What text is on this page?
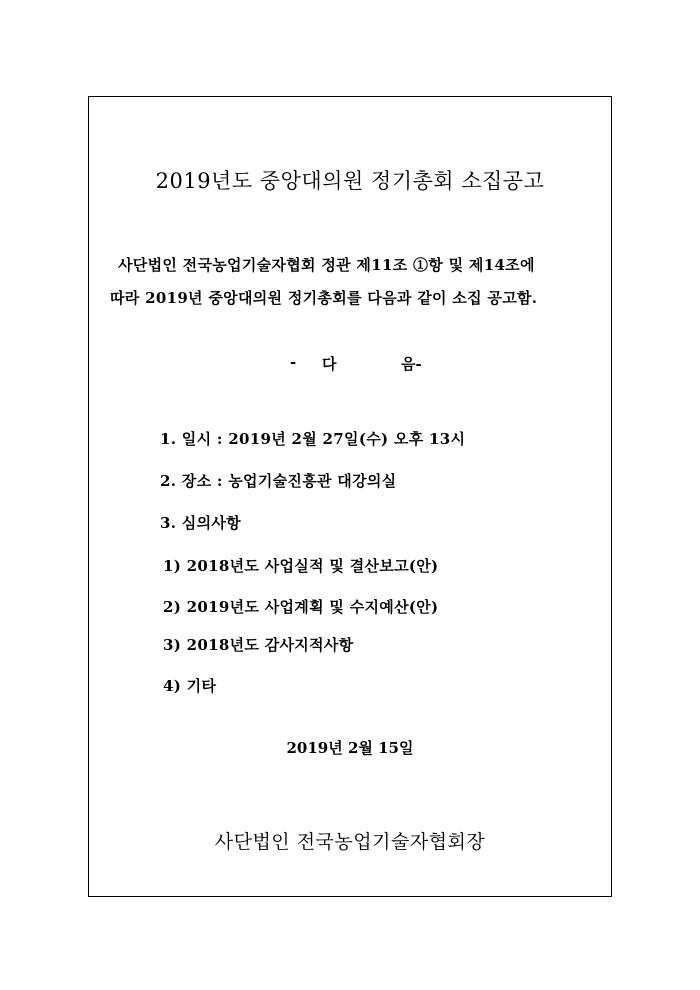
2019년도 중앙대의원 정기총회 소집공고
사단법인 전국농업기술자협회 정관 제11조 ①항 및 제14조에
따라 2019년 중앙대의원 정기총회를 다음과 같이 소집 공고함.
- 다	음-
1. 일시 : 2019년 2월 27일(수) 오후 13시
2. 장소 : 농업기술진흥관 대강의실
3. 심의사항
1) 2018년도 사업실적 및 결산보고(안)
2) 2019년도 사업계획 및 수지예산(안)
3) 2018년도 감사지적사항
4) 기타
2019년 2월 15일
사단법인 전국농업기술자협회장
